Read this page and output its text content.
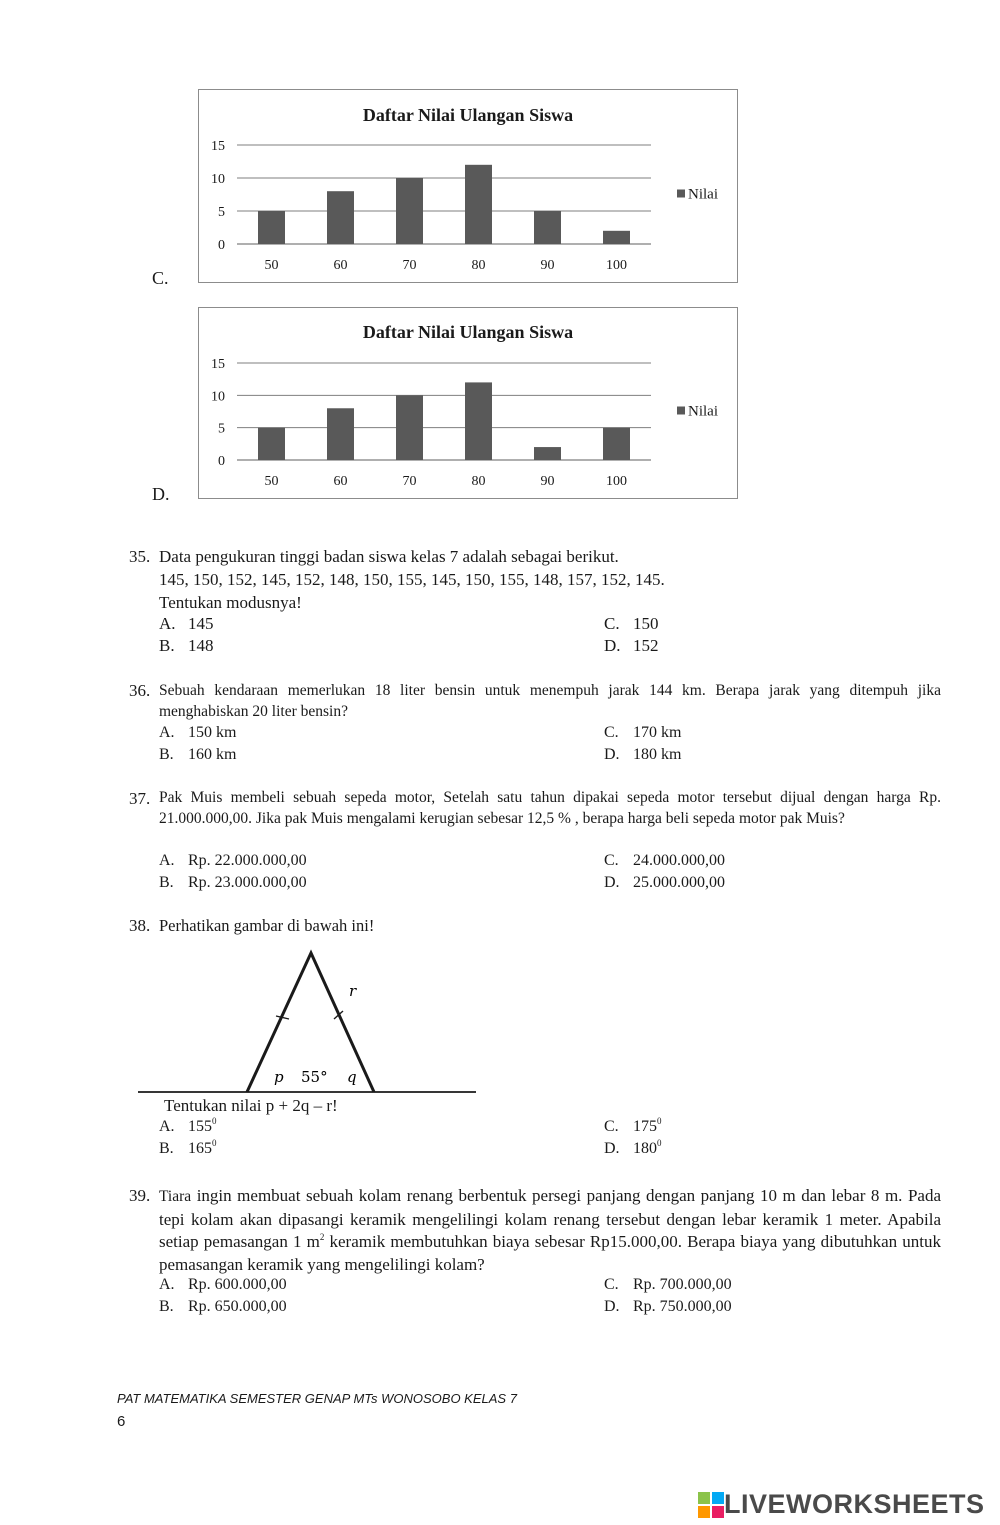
C.
Daftar Nilai Ulangan Siswa
0
5
10
15
50	60	70	80	90	100
Nilai
D.
Daftar Nilai Ulangan Siswa
0
5
10
15
50	60	70	80	90	100
Nilai
35. Data pengukuran tinggi badan siswa kelas 7 adalah sebagai berikut.
145, 150, 152, 145, 152, 148, 150, 155, 145, 150, 155, 148, 157, 152, 145.
Tentukan modusnya!
A. 145
B. 148
C. 150
D. 152
36. Sebuah kendaraan memerlukan 18 liter bensin untuk menempuh jarak 144 km. Berapa jarak yang ditempuh jika menghabiskan 20 liter bensin?
A. 150 km
B. 160 km
C. 170 km
D. 180 km
37. Pak Muis membeli sebuah sepeda motor, Setelah satu tahun dipakai sepeda motor tersebut dijual dengan harga Rp. 21.000.000,00. Jika pak Muis mengalami kerugian sebesar 12,5 % , berapa harga beli sepeda motor pak Muis?
A. Rp. 22.000.000,00
B. Rp. 23.000.000,00
C. 24.000.000,00
D. 25.000.000,00
38. Perhatikan gambar di bawah ini!
p 55° q
r
Tentukan nilai p + 2q – r!
A. $155^0$
B. $165^0$
C. $175^0$
D. $180^0$
39. Tiara ingin membuat sebuah kolam renang berbentuk persegi panjang dengan panjang 10 m dan lebar 8 m. Pada tepi kolam akan dipasangi keramik mengelilingi kolam renang tersebut dengan lebar keramik 1 meter. Apabila setiap pemasangan 1 $m^2$ keramik membutuhkan biaya sebesar Rp15.000,00. Berapa biaya yang dibutuhkan untuk pemasangan keramik yang mengelilingi kolam?
A. Rp. 600.000,00
B. Rp. 650.000,00
C. Rp. 700.000,00
D. Rp. 750.000,00
PAT MATEMATIKA SEMESTER GENAP MTs WONOSOBO KELAS 7
6
LIVEWORKSHEETS
